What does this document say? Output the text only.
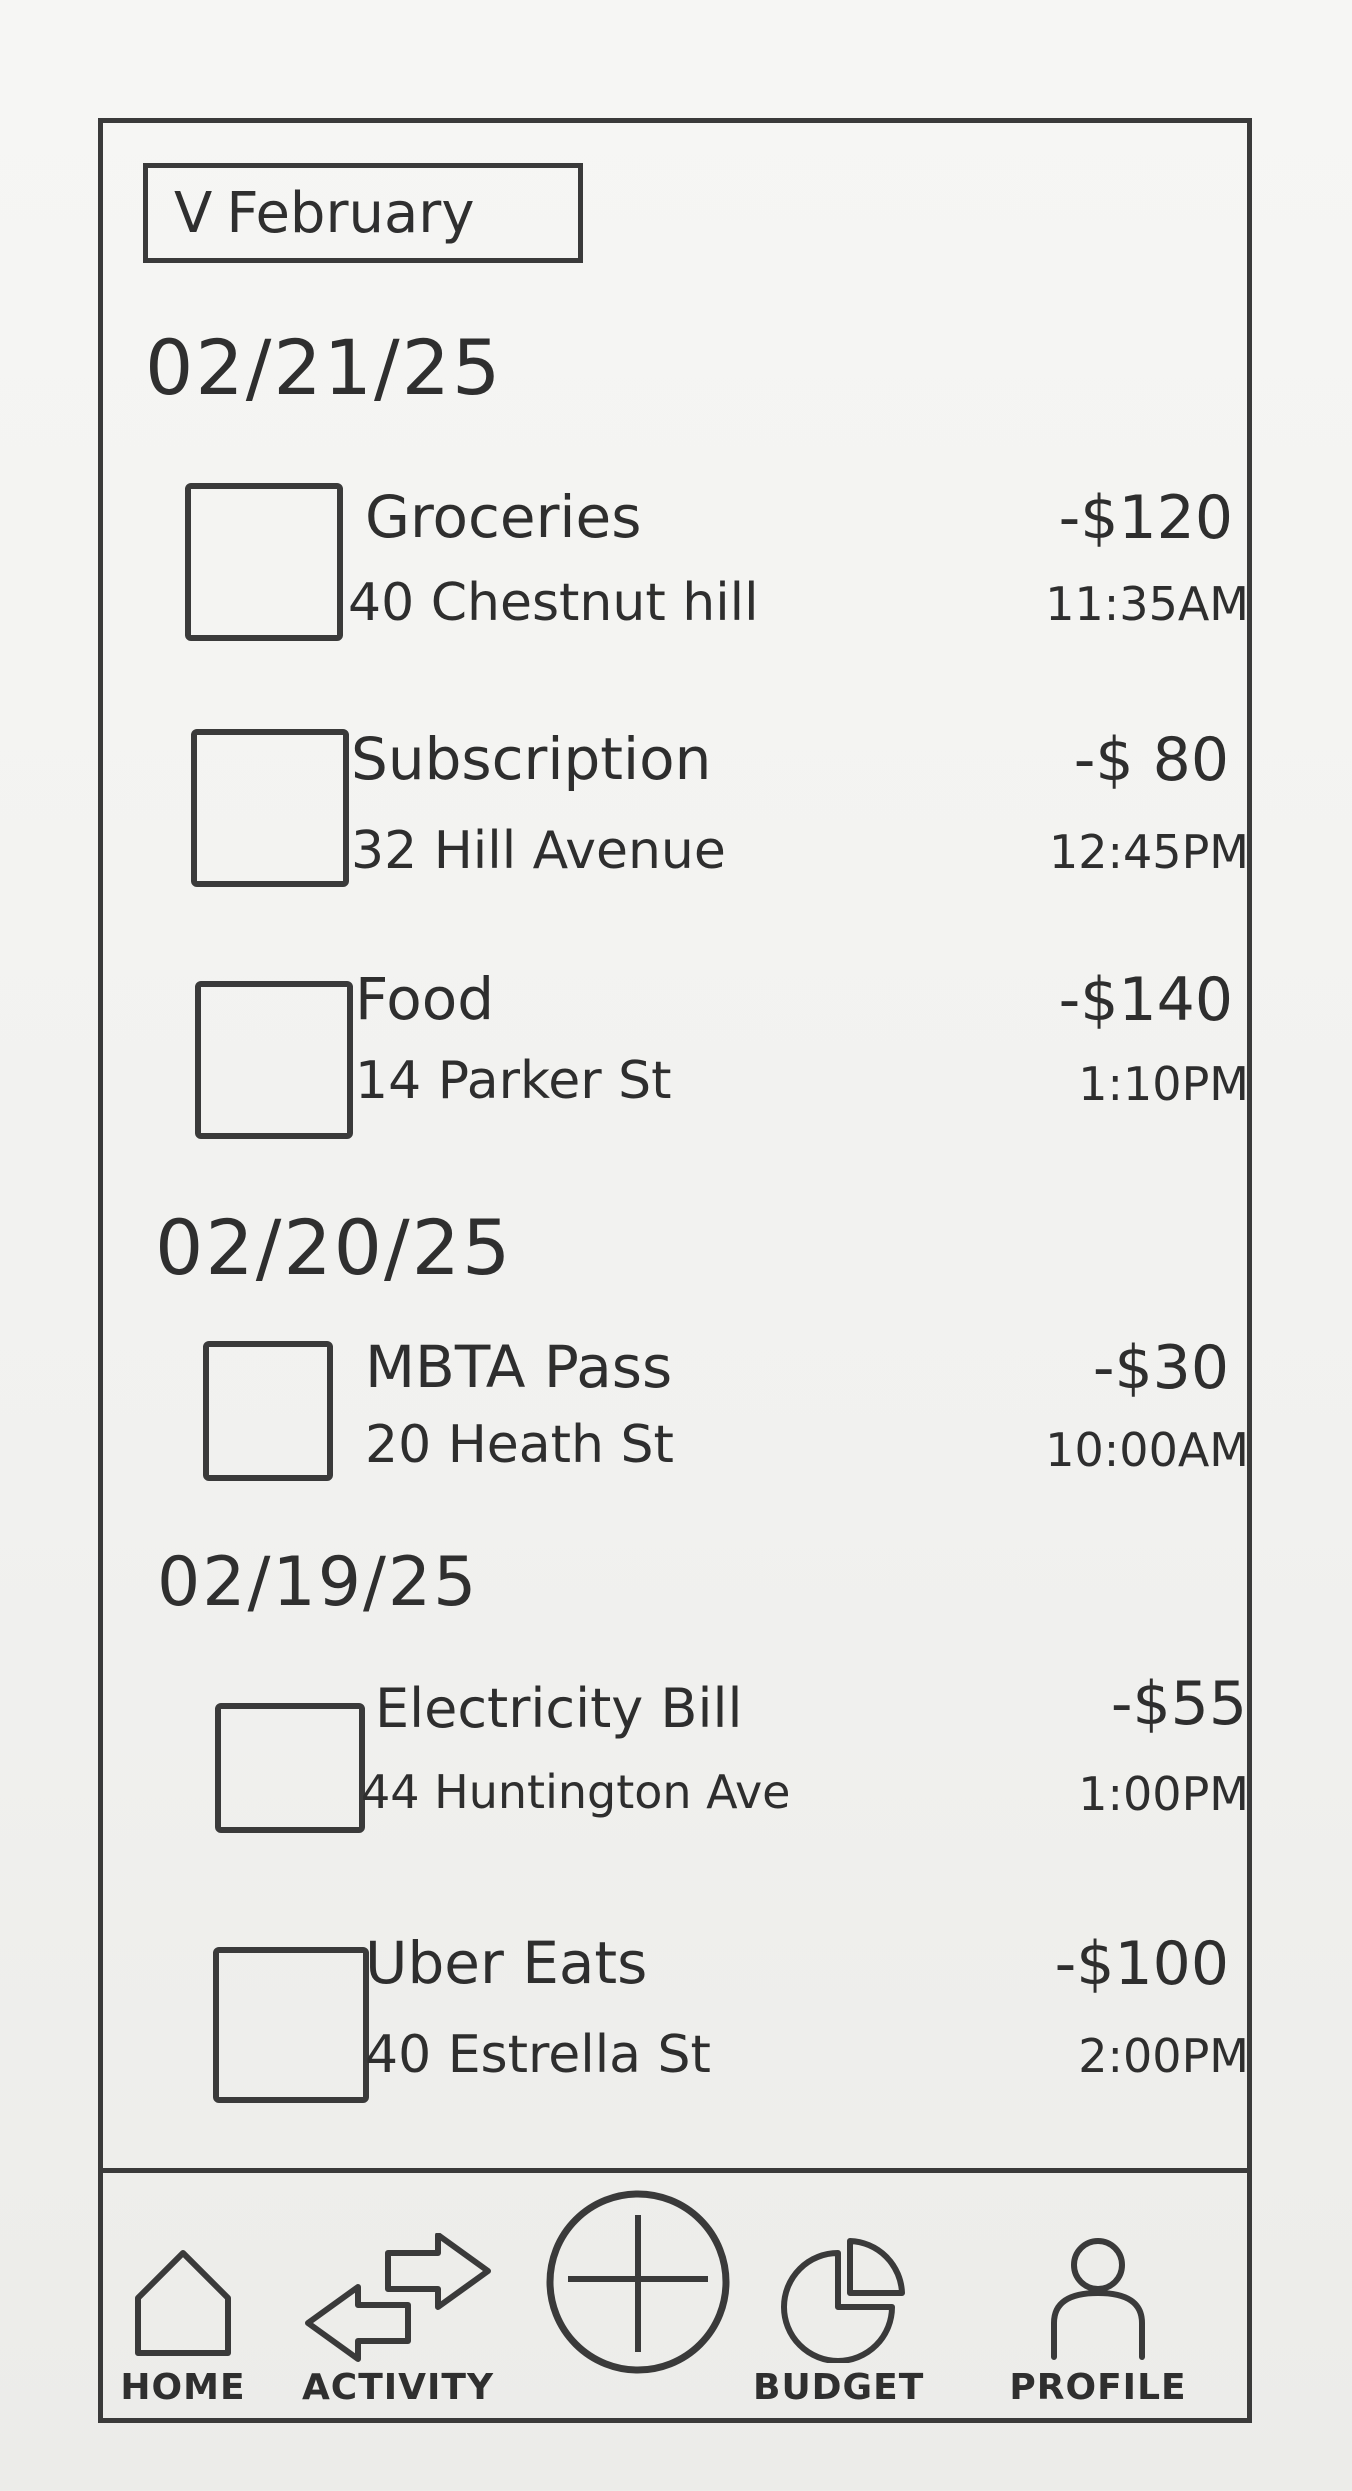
V February
02/21/25
Groceries
40 Chestnut hill
-$120
11:35AM
Subscription
32 Hill Avenue
-$ 80
12:45PM
Food
14 Parker St
-$140
1:10PM
02/20/25
MBTA Pass
20 Heath St
-$30
10:00AM
02/19/25
Electricity Bill
44 Huntington Ave
-$55
1:00PM
Uber Eats
40 Estrella St
-$100
2:00PM
HOME	ACTIVITY	BUDGET	PROFILE
